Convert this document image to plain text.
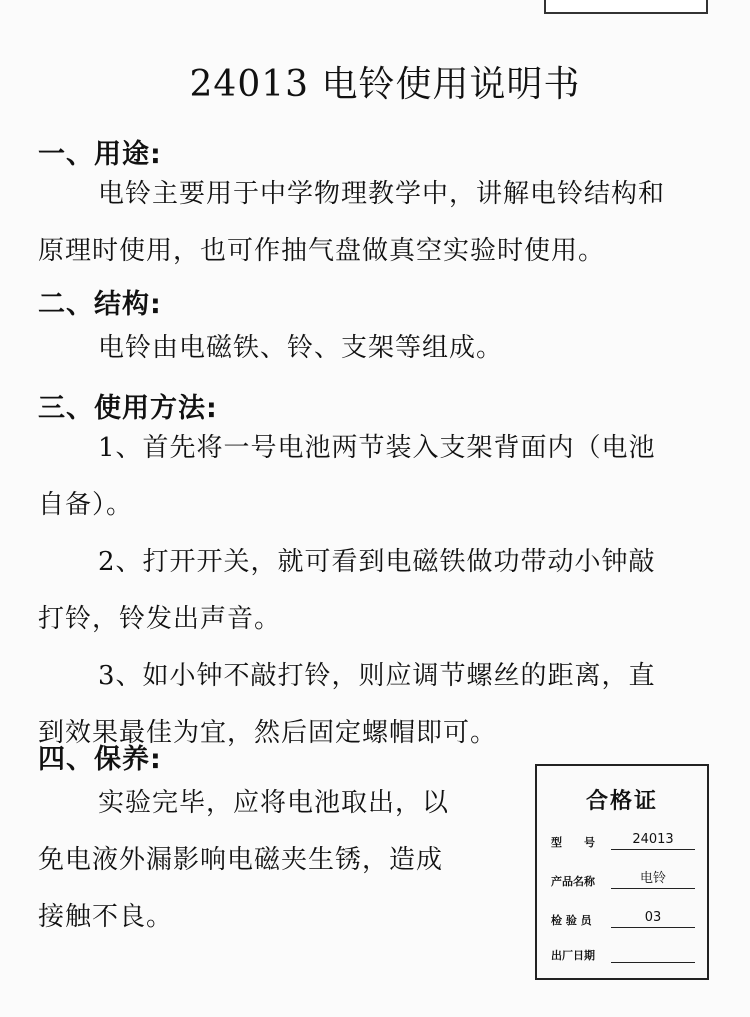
24013 电铃使用说明书
一、用途:
电铃主要用于中学物理教学中，讲解电铃结构和
原理时使用，也可作抽气盘做真空实验时使用。
二、结构:
电铃由电磁铁、铃、支架等组成。
三、使用方法:
1、首先将一号电池两节装入支架背面内（电池
自备）。
2、打开开关，就可看到电磁铁做功带动小钟敲
打铃，铃发出声音。
3、如小钟不敲打铃，则应调节螺丝的距离，直
到效果最佳为宜，然后固定螺帽即可。
四、保养:
实验完毕，应将电池取出，以
免电液外漏影响电磁夹生锈，造成
接触不良。
合格证
型　　号	24013
产品名称	电铃
检 验 员	03
出厂日期
